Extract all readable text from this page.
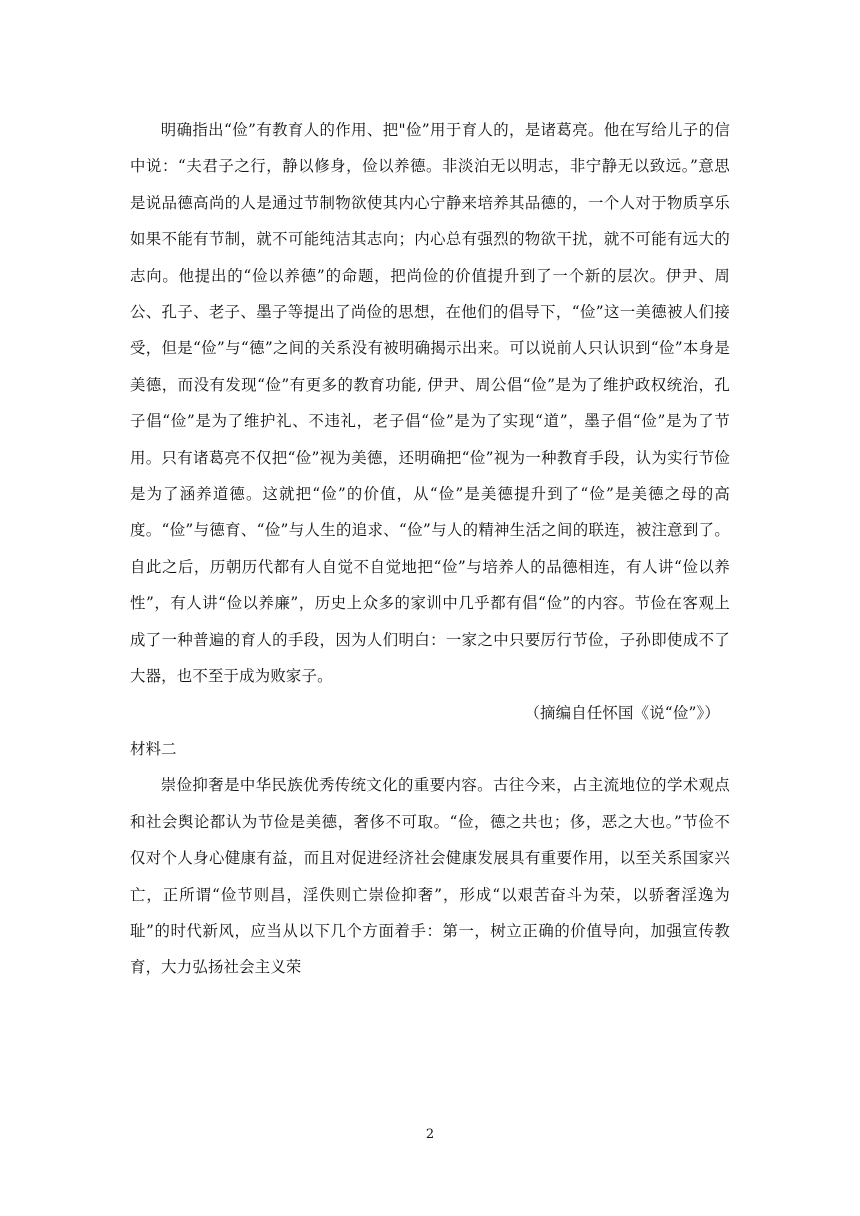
明确指出“俭”有教育人的作用、把"俭”用于育人的，是诸葛亮。他在写给儿子的信中说：“夫君子之行，静以修身，俭以养德。非淡泊无以明志，非宁静无以致远。”意思是说品德高尚的人是通过节制物欲使其内心宁静来培养其品德的，一个人对于物质享乐如果不能有节制，就不可能纯洁其志向；内心总有强烈的物欲干扰，就不可能有远大的志向。他提出的“俭以养德”的命题，把尚俭的价值提升到了一个新的层次。伊尹、周公、孔子、老子、墨子等提出了尚俭的思想，在他们的倡导下，“俭”这一美德被人们接受，但是“俭”与“德”之间的关系没有被明确揭示出来。可以说前人只认识到“俭”本身是美德，而没有发现“俭”有更多的教育功能, 伊尹、周公倡“俭”是为了维护政权统治，孔子倡“俭”是为了维护礼、不违礼，老子倡“俭”是为了实现“道”，墨子倡“俭”是为了节用。只有诸葛亮不仅把“俭”视为美德，还明确把“俭”视为一种教育手段，认为实行节俭是为了涵养道德。这就把“俭”的价值，从“俭”是美德提升到了“俭”是美德之母的高度。“俭”与德育、“俭”与人生的追求、“俭”与人的精神生活之间的联连，被注意到了。自此之后，历朝历代都有人自觉不自觉地把“俭”与培养人的品德相连，有人讲“俭以养性”，有人讲“俭以养廉”，历史上众多的家训中几乎都有倡“俭”的内容。节俭在客观上成了一种普遍的育人的手段，因为人们明白：一家之中只要厉行节俭，子孙即使成不了大器，也不至于成为败家子。

（摘编自任怀国《说“俭”》）

材料二

崇俭抑奢是中华民族优秀传统文化的重要内容。古往今来，占主流地位的学术观点和社会舆论都认为节俭是美德，奢侈不可取。“俭，德之共也；侈，恶之大也。”节俭不仅对个人身心健康有益，而且对促进经济社会健康发展具有重要作用，以至关系国家兴亡，正所谓“俭节则昌，淫佚则亡崇俭抑奢”，形成“以艰苦奋斗为荣，以骄奢淫逸为耻”的时代新风，应当从以下几个方面着手：第一，树立正确的价值导向，加强宣传教育，大力弘扬社会主义荣

2
